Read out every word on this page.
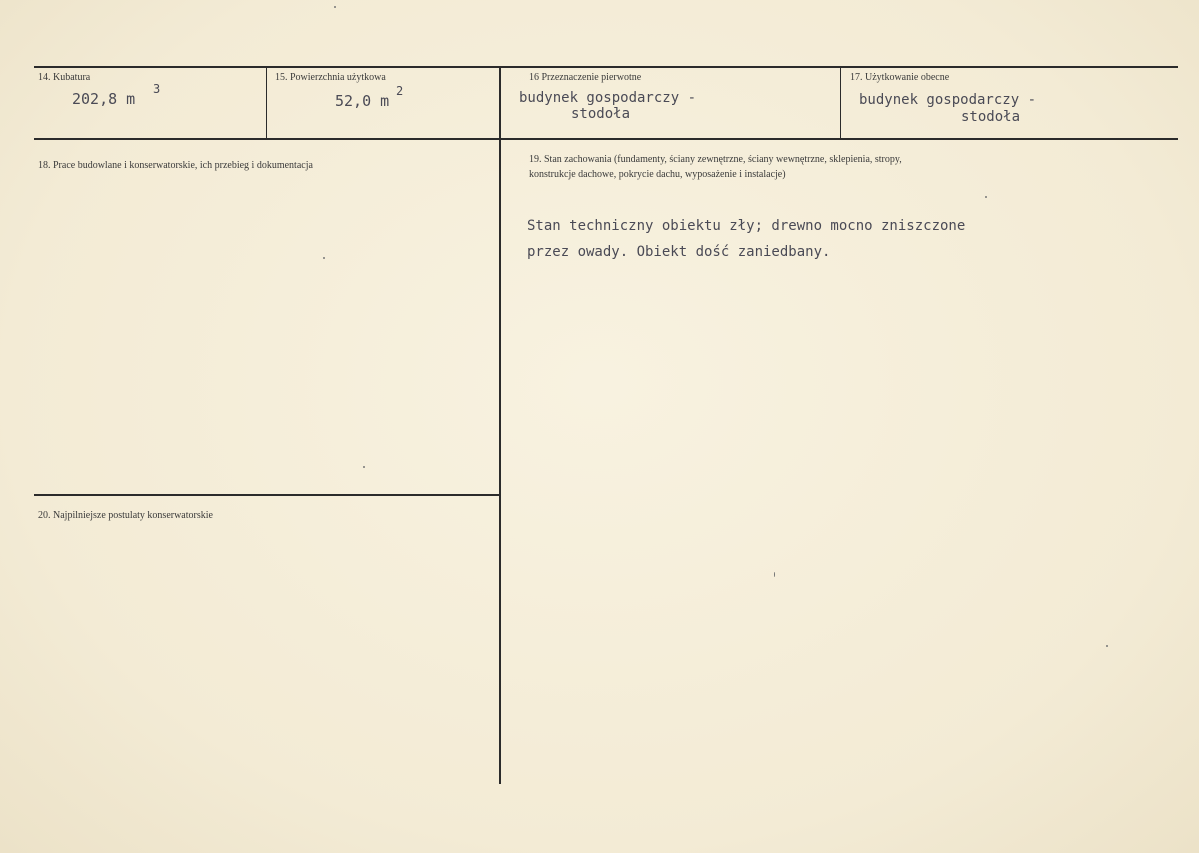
14. Kubatura
202,8 m
3
15. Powierzchnia użytkowa
52,0 m
2
16 Przeznaczenie pierwotne
budynek gospodarczy ‑
stodoła
17. Użytkowanie obecne
budynek gospodarczy -
stodoła
18. Prace budowlane i konserwatorskie, ich przebieg i dokumentacja
19. Stan zachowania (fundamenty, ściany zewnętrzne, ściany wewnętrzne, sklepienia, stropy,
konstrukcje dachowe, pokrycie dachu, wyposażenie i instalacje)
Stan techniczny obiektu zły; drewno mocno zniszczone
przez owady. Obiekt dość zaniedbany.
20. Najpilniejsze postulaty konserwatorskie
